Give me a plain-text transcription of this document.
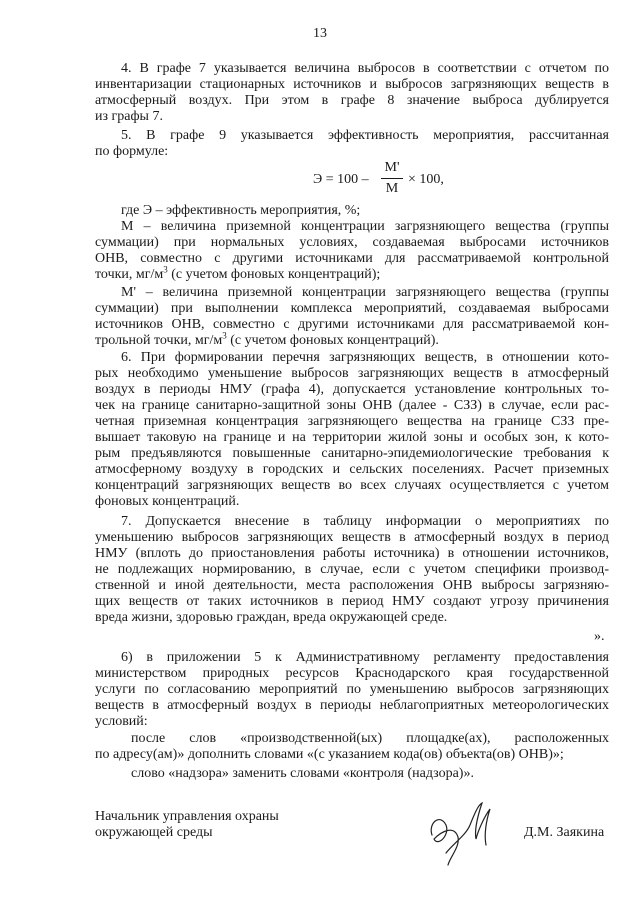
13
4. В графе 7 указывается величина выбросов в соответствии с отчетом по
инвентаризации стационарных источников и выбросов загрязняющих веществ в
атмосферный воздух. При этом в графе 8 значение выброса дублируется
из графы 7.
5. В графе 9 указывается эффективность мероприятия, рассчитанная
по формуле:
Э = 100 –
М'
М
× 100,
где Э – эффективность мероприятия, %;
М – величина приземной концентрации загрязняющего вещества (группы
суммации) при нормальных условиях, создаваемая выбросами источников
ОНВ, совместно с другими источниками для рассматриваемой контрольной
точки, $мг/м^3$ (с учетом фоновых концентраций);
М' – величина приземной концентрации загрязняющего вещества (группы
суммации) при выполнении комплекса мероприятий, создаваемая выбросами
источников ОНВ, совместно с другими источниками для рассматриваемой кон-
трольной точки, $мг/м^3$ (с учетом фоновых концентраций).
6. При формировании перечня загрязняющих веществ, в отношении кото-
рых необходимо уменьшение выбросов загрязняющих веществ в атмосферный
воздух в периоды НМУ (графа 4), допускается установление контрольных то-
чек на границе санитарно-защитной зоны ОНВ (далее - СЗЗ) в случае, если рас-
четная приземная концентрация загрязняющего вещества на границе СЗЗ пре-
вышает таковую на границе и на территории жилой зоны и особых зон, к кото-
рым предъявляются повышенные санитарно-эпидемиологические требования к
атмосферному воздуху в городских и сельских поселениях. Расчет приземных
концентраций загрязняющих веществ во всех случаях осуществляется с учетом
фоновых концентраций.
7. Допускается внесение в таблицу информации о мероприятиях по
уменьшению выбросов загрязняющих веществ в атмосферный воздух в период
НМУ (вплоть до приостановления работы источника) в отношении источников,
не подлежащих нормированию, в случае, если с учетом специфики производ-
ственной и иной деятельности, места расположения ОНВ выбросы загрязняю-
щих веществ от таких источников в период НМУ создают угрозу причинения
вреда жизни, здоровью граждан, вреда окружающей среде.
».
6) в приложении 5 к Административному регламенту предоставления
министерством природных ресурсов Краснодарского края государственной
услуги по согласованию мероприятий по уменьшению выбросов загрязняющих
веществ в атмосферный воздух в периоды неблагоприятных метеорологических
условий:
после слов «производственной(ых) площадке(ах), расположенных
по адресу(ам)» дополнить словами «(с указанием кода(ов) объекта(ов) ОНВ)»;
слово «надзора» заменить словами «контроля (надзора)».
Начальник управления охраны
окружающей среды	Д.М. Заякина
